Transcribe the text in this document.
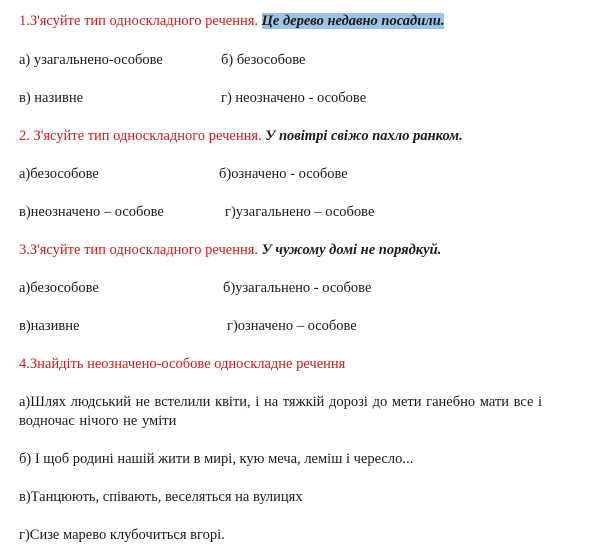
1.З'ясуйте тип односкладного речення. Це дерево недавно посадили.
а) узагальнено-особове	б) безособове
в) називне	г) неозначено - особове
2. З'ясуйте тип односкладного речення. У повітрі свіжо пахло ранком.
а)безособове	б)означено - особове
в)неозначено – особове	г)узагальнено – особове
3.З'ясуйте тип односкладного речення. У чужому домі не порядкуй.
а)безособове	б)узагальнено - особове
в)називне	г)означено – особове
4.Знайдіть неозначено-особове односкладне речення
а)Шлях людський не встелили квіти, і на тяжкій дорозі до мети ганебно мати все і водночас нічого не уміти
б) І щоб родині нашій жити в мирі, кую меча, леміш і чересло...
в)Танцюють, співають, веселяться на вулицях
г)Сизе марево клубочиться вгорі.
